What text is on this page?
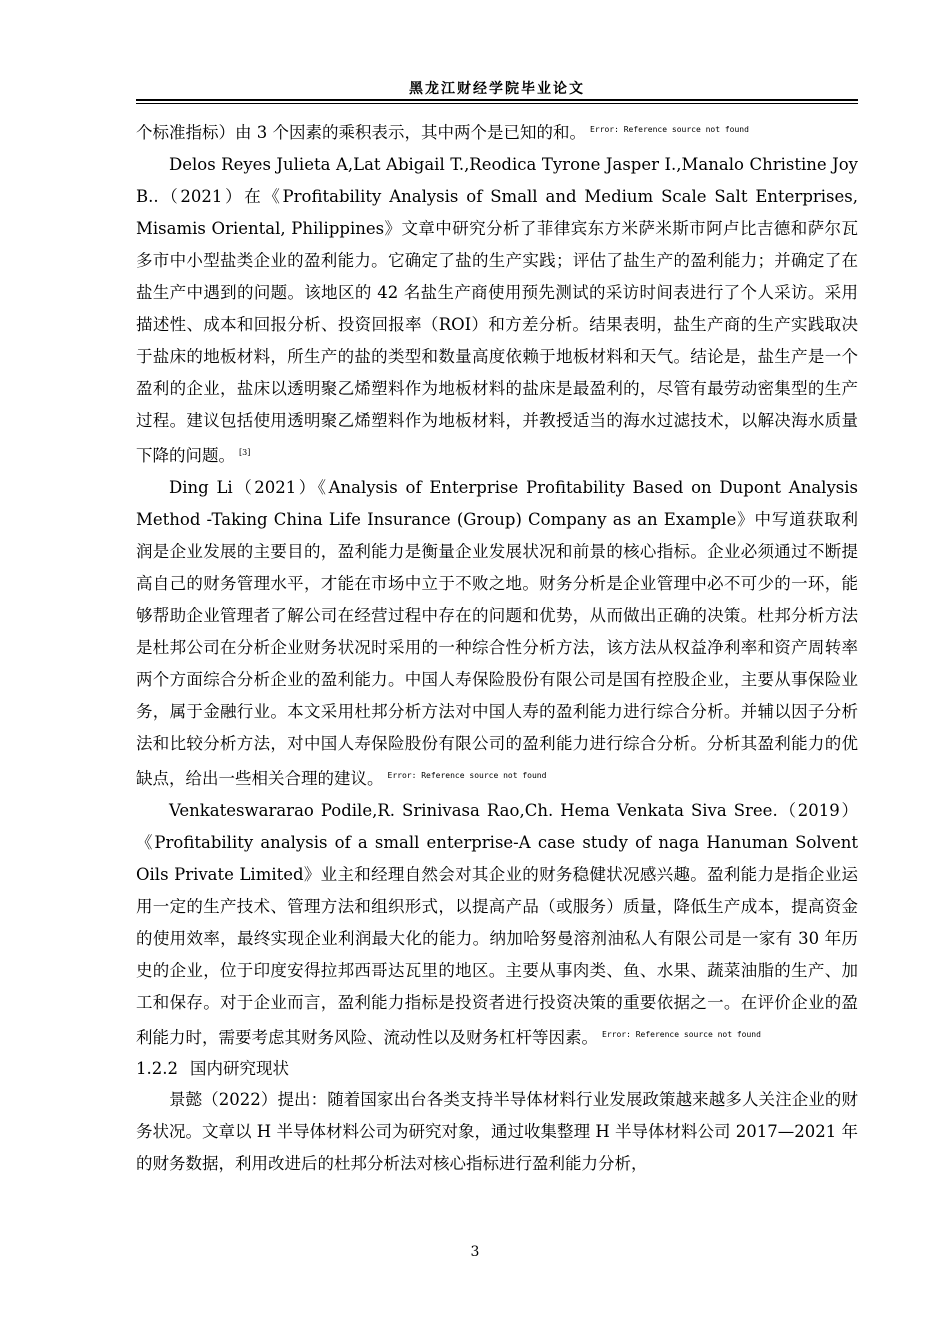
黑龙江财经学院毕业论文

个标准指标）由 3 个因素的乘积表示，其中两个是已知的和。 $^{Error: Reference source not found}$

Delos Reyes Julieta A,Lat Abigail T.,Reodica Tyrone Jasper I.,Manalo Christine Joy B..（2021）在《Profitability Analysis of Small and Medium Scale Salt Enterprises, Misamis Oriental, Philippines》文章中研究分析了菲律宾东方米萨米斯市阿卢比吉德和萨尔瓦多市中小型盐类企业的盈利能力。它确定了盐的生产实践；评估了盐生产的盈利能力；并确定了在盐生产中遇到的问题。该地区的 42 名盐生产商使用预先测试的采访时间表进行了个人采访。采用描述性、成本和回报分析、投资回报率（ROI）和方差分析。结果表明，盐生产商的生产实践取决于盐床的地板材料，所生产的盐的类型和数量高度依赖于地板材料和天气。结论是，盐生产是一个盈利的企业，盐床以透明聚乙烯塑料作为地板材料的盐床是最盈利的，尽管有最劳动密集型的生产过程。建议包括使用透明聚乙烯塑料作为地板材料，并教授适当的海水过滤技术，以解决海水质量下降的问题。 [3]

Ding Li（2021）《Analysis of Enterprise Profitability Based on Dupont Analysis Method -Taking China Life Insurance (Group) Company as an Example》中写道获取利润是企业发展的主要目的，盈利能力是衡量企业发展状况和前景的核心指标。企业必须通过不断提高自己的财务管理水平，才能在市场中立于不败之地。财务分析是企业管理中必不可少的一环，能够帮助企业管理者了解公司在经营过程中存在的问题和优势，从而做出正确的决策。杜邦分析方法是杜邦公司在分析企业财务状况时采用的一种综合性分析方法，该方法从权益净利率和资产周转率两个方面综合分析企业的盈利能力。中国人寿保险股份有限公司是国有控股企业，主要从事保险业务，属于金融行业。本文采用杜邦分析方法对中国人寿的盈利能力进行综合分析。并辅以因子分析法和比较分析方法，对中国人寿保险股份有限公司的盈利能力进行综合分析。分析其盈利能力的优缺点，给出一些相关合理的建议。 $^{Error: Reference source not found}$

Venkateswararao Podile,R. Srinivasa Rao,Ch. Hema Venkata Siva Sree.（2019）《Profitability analysis of a small enterprise-A case study of naga Hanuman Solvent Oils Private Limited》业主和经理自然会对其企业的财务稳健状况感兴趣。盈利能力是指企业运用一定的生产技术、管理方法和组织形式，以提高产品（或服务）质量，降低生产成本，提高资金的使用效率，最终实现企业利润最大化的能力。纳加哈努曼溶剂油私人有限公司是一家有 30 年历史的企业，位于印度安得拉邦西哥达瓦里的地区。主要从事肉类、鱼、水果、蔬菜油脂的生产、加工和保存。对于企业而言，盈利能力指标是投资者进行投资决策的重要依据之一。在评价企业的盈利能力时，需要考虑其财务风险、流动性以及财务杠杆等因素。 $^{Error: Reference source not found}$

1.2.2 国内研究现状

景懿（2022）提出：随着国家出台各类支持半导体材料行业发展政策越来越多人关注企业的财务状况。文章以 H 半导体材料公司为研究对象，通过收集整理 H 半导体材料公司 2017—2021 年的财务数据，利用改进后的杜邦分析法对核心指标进行盈利能力分析，

3
